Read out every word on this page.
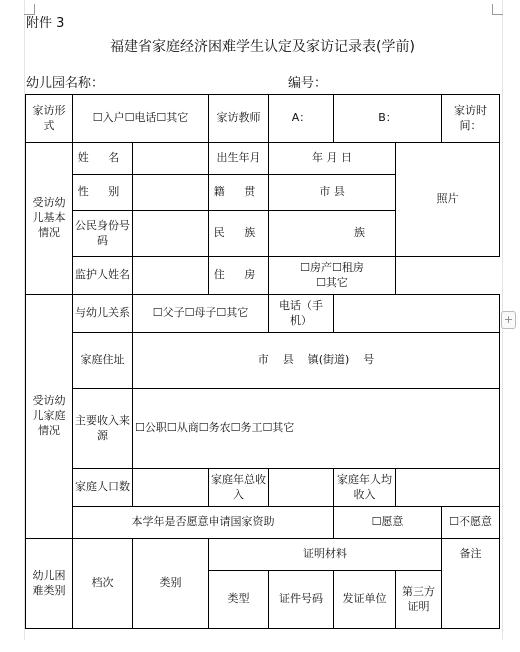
附件 3
福建省家庭经济困难学生认定及家访记录表(学前)
幼儿园名称：	编号：
家访形式	☐入户☐电话☐其它		家访教师	A：	B：		家访时间：
受访幼儿基本情况	姓 名		出生年月	年 月 日		照片	
	性 别		籍 贯	市 县			
	公民身份号码		民 族	族			
	监护人姓名		住 房	☐房产☐租房
☐其它			

受访幼儿家庭情况	与幼儿关系	☐父子☐母子☐其它		电话（手机）			
	家庭住址	市    县    镇(街道)    号					
	主要收入来源	☐公职☐从商☐务农☐务工☐其它					
	家庭人口数		家庭年总收入		家庭年人均收入		
	本学年是否愿意申请国家资助				☐愿意		☐不愿意
幼儿困难类别	档次	类别	证明材料				备注
			类型	证件号码	发证单位	第三方证明	
+
